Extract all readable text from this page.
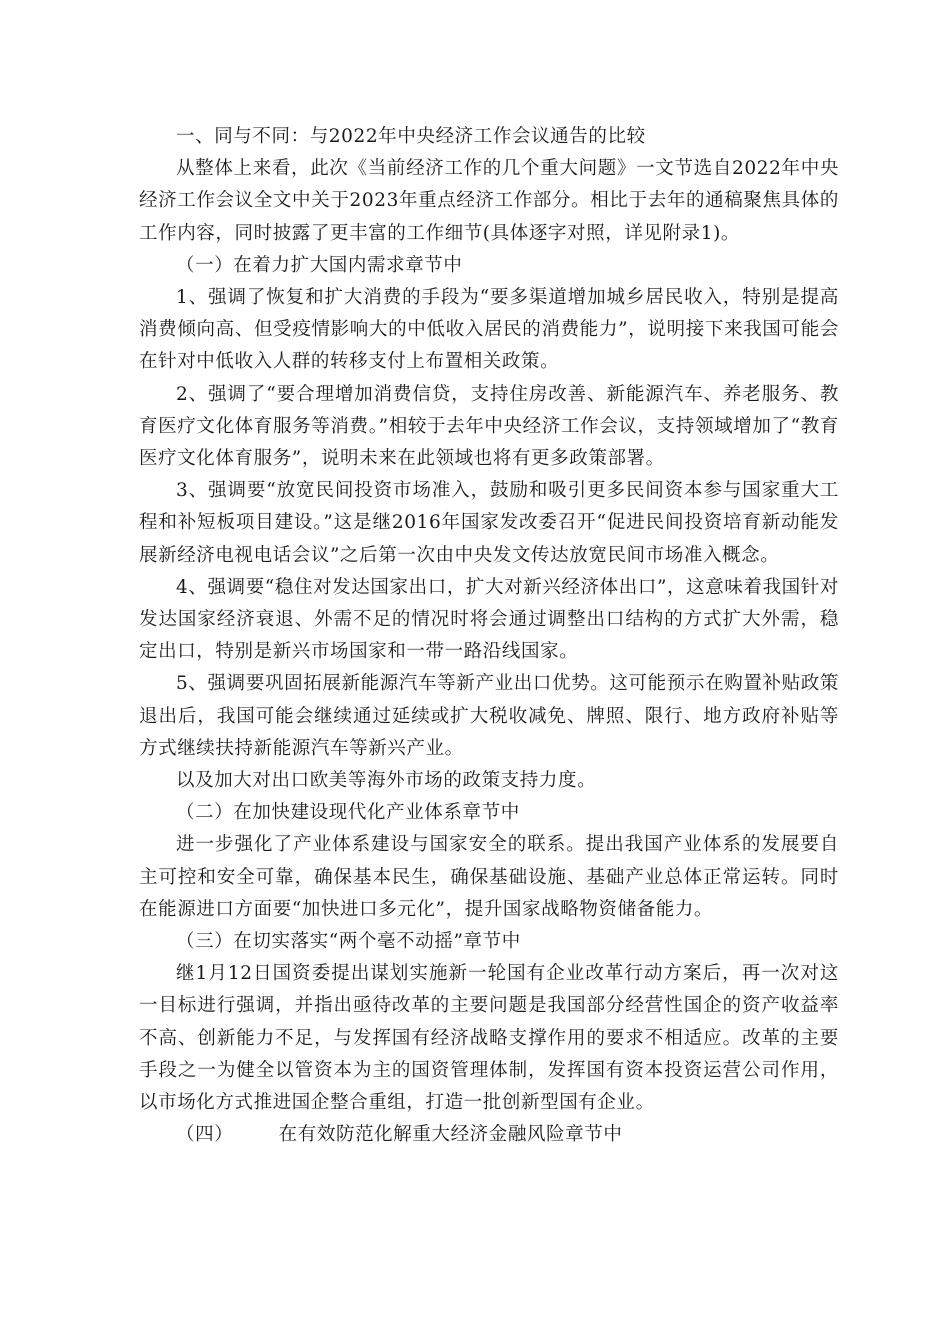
一、同与不同：与2022年中央经济工作会议通告的比较

从整体上来看，此次《当前经济工作的几个重大问题》一文节选自2022年中央经济工作会议全文中关于2023年重点经济工作部分。相比于去年的通稿聚焦具体的工作内容，同时披露了更丰富的工作细节(具体逐字对照，详见附录1)。

（一）在着力扩大国内需求章节中

1、强调了恢复和扩大消费的手段为“要多渠道增加城乡居民收入，特别是提高消费倾向高、但受疫情影响大的中低收入居民的消费能力”，说明接下来我国可能会在针对中低收入人群的转移支付上布置相关政策。

2、强调了“要合理增加消费信贷，支持住房改善、新能源汽车、养老服务、教育医疗文化体育服务等消费。”相较于去年中央经济工作会议，支持领域增加了“教育医疗文化体育服务”，说明未来在此领域也将有更多政策部署。

3、强调要“放宽民间投资市场准入，鼓励和吸引更多民间资本参与国家重大工程和补短板项目建设。”这是继2016年国家发改委召开“促进民间投资培育新动能发展新经济电视电话会议”之后第一次由中央发文传达放宽民间市场准入概念。

4、强调要“稳住对发达国家出口，扩大对新兴经济体出口”，这意味着我国针对发达国家经济衰退、外需不足的情况时将会通过调整出口结构的方式扩大外需，稳定出口，特别是新兴市场国家和一带一路沿线国家。

5、强调要巩固拓展新能源汽车等新产业出口优势。这可能预示在购置补贴政策退出后，我国可能会继续通过延续或扩大税收减免、牌照、限行、地方政府补贴等方式继续扶持新能源汽车等新兴产业。

以及加大对出口欧美等海外市场的政策支持力度。

（二）在加快建设现代化产业体系章节中

进一步强化了产业体系建设与国家安全的联系。提出我国产业体系的发展要自主可控和安全可靠，确保基本民生，确保基础设施、基础产业总体正常运转。同时在能源进口方面要“加快进口多元化”，提升国家战略物资储备能力。

（三）在切实落实“两个毫不动摇”章节中

继1月12日国资委提出谋划实施新一轮国有企业改革行动方案后，再一次对这一目标进行强调，并指出亟待改革的主要问题是我国部分经营性国企的资产收益率不高、创新能力不足，与发挥国有经济战略支撑作用的要求不相适应。改革的主要手段之一为健全以管资本为主的国资管理体制，发挥国有资本投资运营公司作用，以市场化方式推进国企整合重组，打造一批创新型国有企业。

（四）       在有效防范化解重大经济金融风险章节中
